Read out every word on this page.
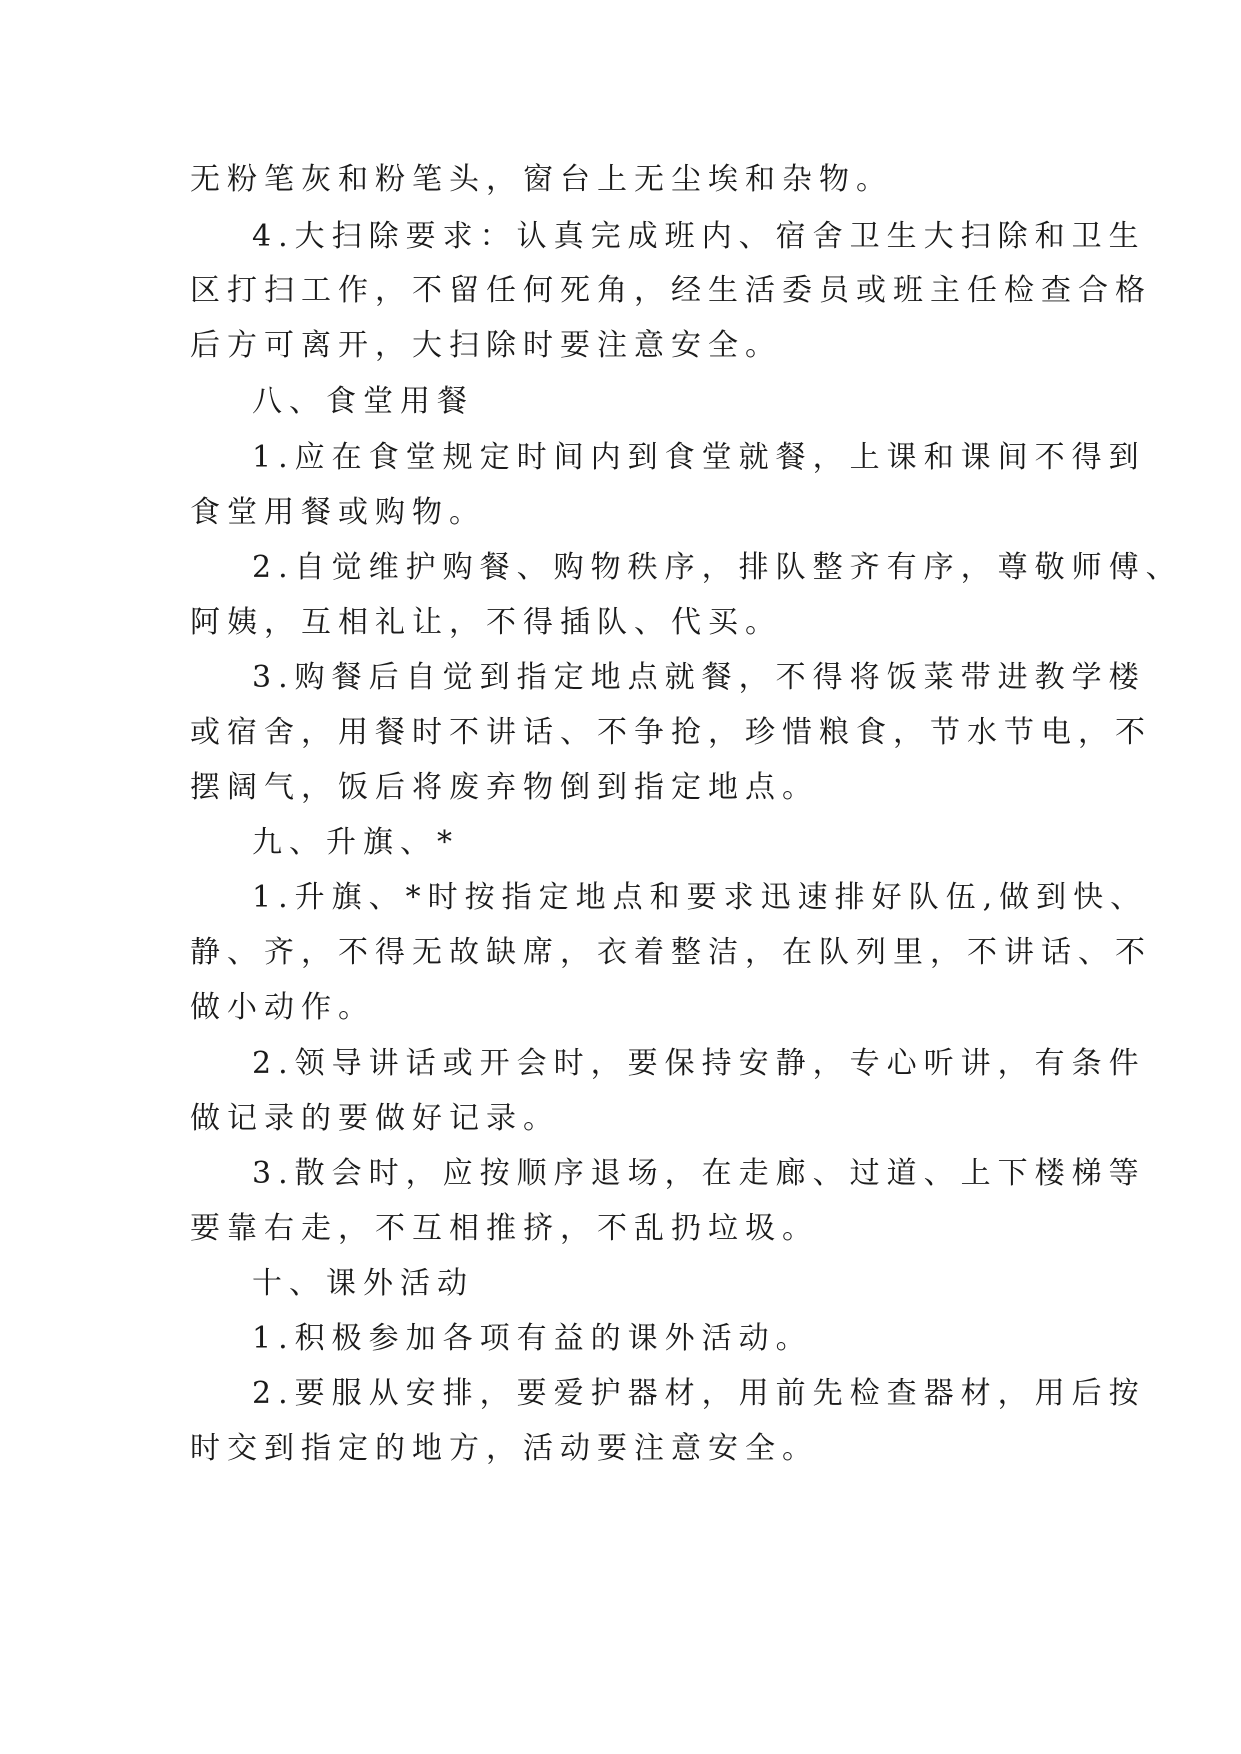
无粉笔灰和粉笔头，窗台上无尘埃和杂物。
4.大扫除要求：认真完成班内、宿舍卫生大扫除和卫生
区打扫工作，不留任何死角，经生活委员或班主任检查合格
后方可离开，大扫除时要注意安全。
八、食堂用餐
1.应在食堂规定时间内到食堂就餐，上课和课间不得到
食堂用餐或购物。
2.自觉维护购餐、购物秩序，排队整齐有序，尊敬师傅、
阿姨，互相礼让，不得插队、代买。
3.购餐后自觉到指定地点就餐，不得将饭菜带进教学楼
或宿舍，用餐时不讲话、不争抢，珍惜粮食，节水节电，不
摆阔气，饭后将废弃物倒到指定地点。
九、升旗、*
1.升旗、*时按指定地点和要求迅速排好队伍,做到快、
静、齐，不得无故缺席，衣着整洁，在队列里，不讲话、不
做小动作。
2.领导讲话或开会时，要保持安静，专心听讲，有条件
做记录的要做好记录。
3.散会时，应按顺序退场，在走廊、过道、上下楼梯等
要靠右走，不互相推挤，不乱扔垃圾。
十、课外活动
1.积极参加各项有益的课外活动。
2.要服从安排，要爱护器材，用前先检查器材，用后按
时交到指定的地方，活动要注意安全。
